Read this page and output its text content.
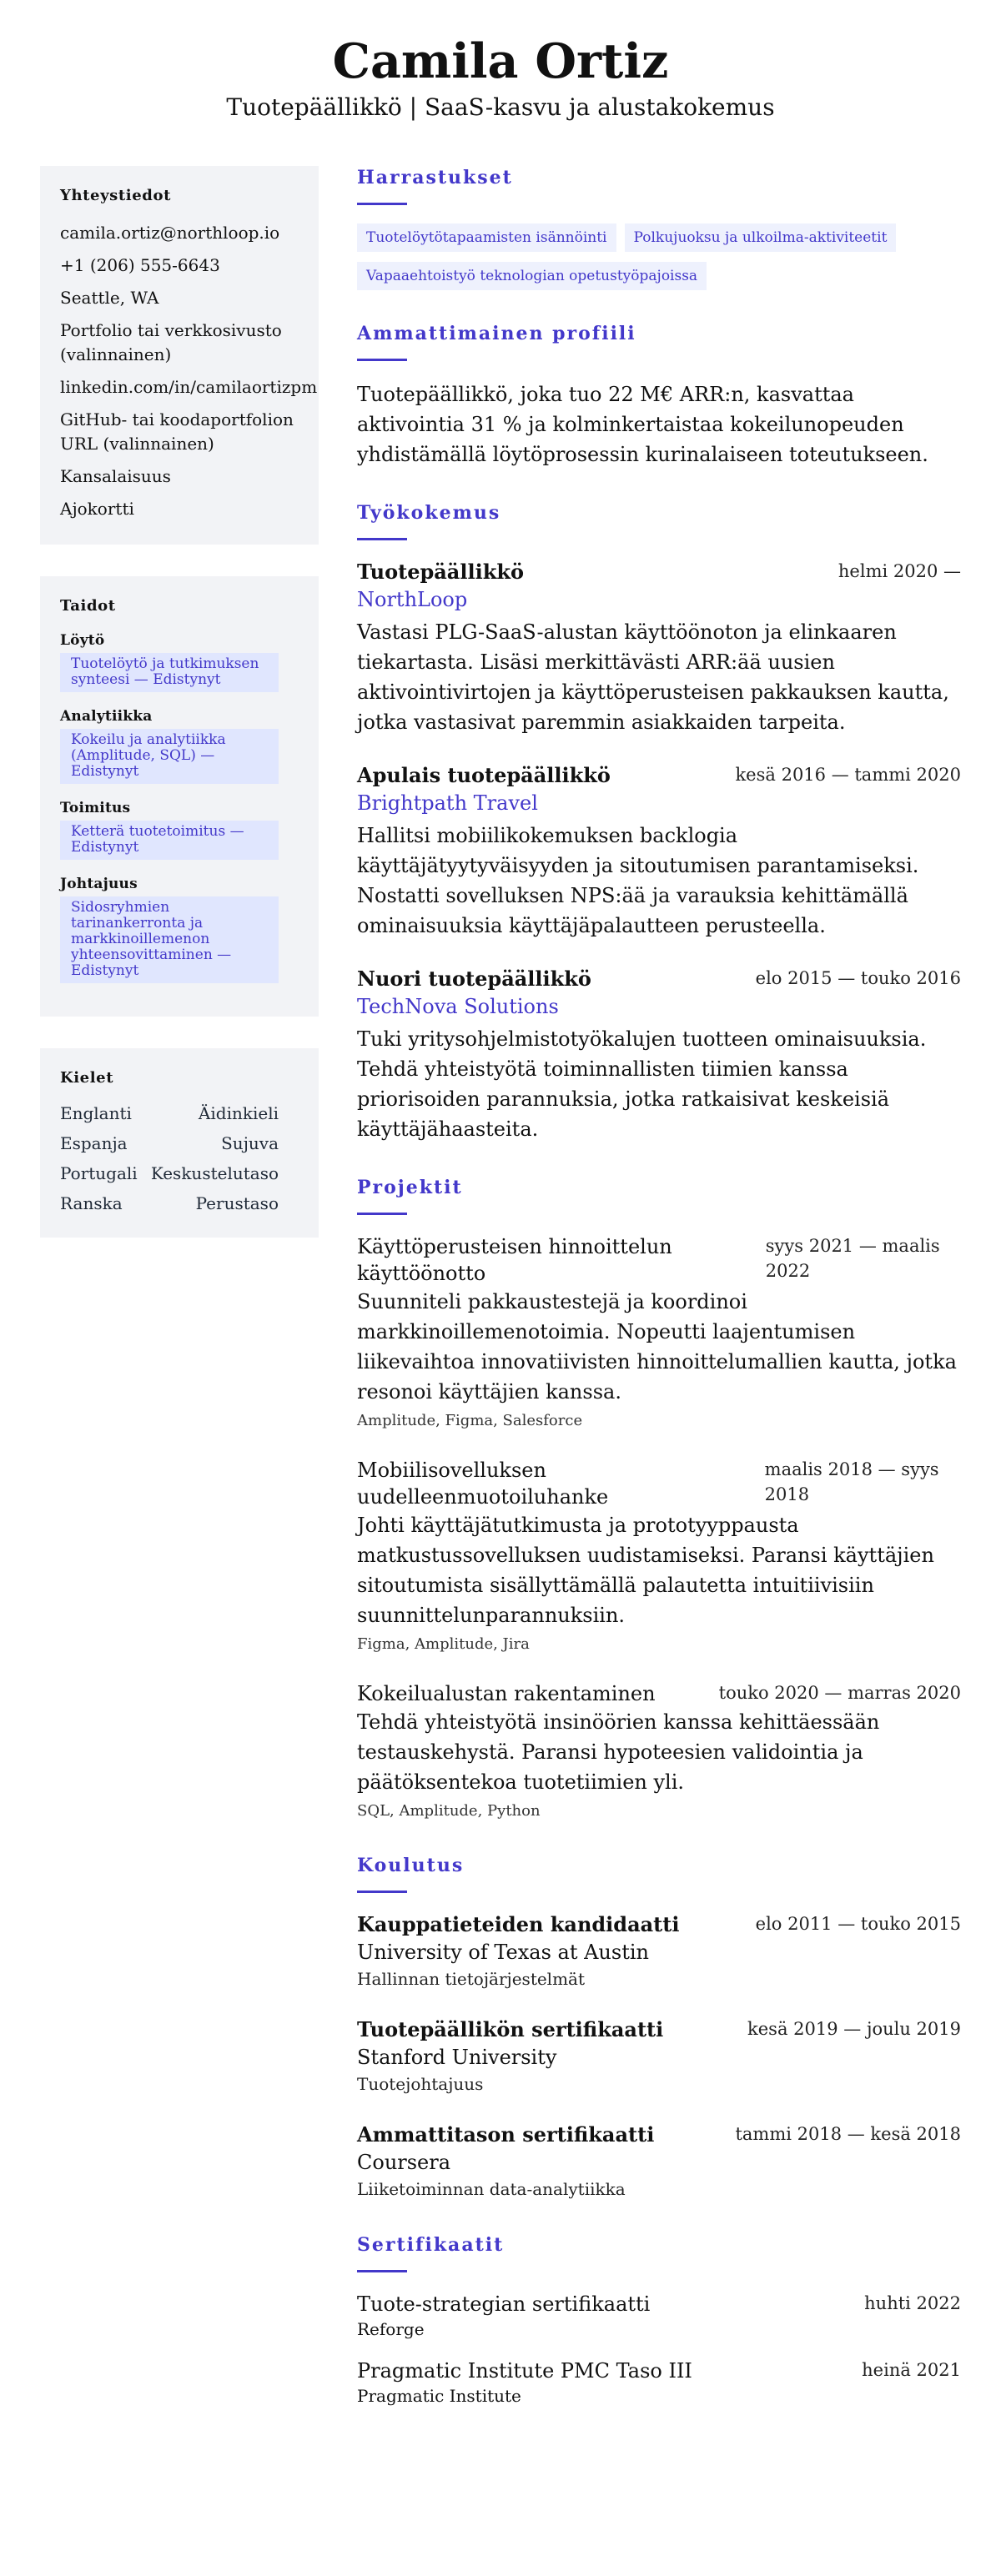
Camila Ortiz
Tuotepäällikkö | SaaS-kasvu ja alustakokemus
Yhteystiedot
camila.ortiz@northloop.io
+1 (206) 555-6643
Seattle, WA
Portfolio tai verkkosivusto (valinnainen)
linkedin.com/in/camilaortizpm
GitHub- tai koodaportfolion URL (valinnainen)
Kansalaisuus
Ajokortti
Taidot
Löytö
Tuotelöytö ja tutkimuksen synteesi — Edistynyt
Analytiikka
Kokeilu ja analytiikka (Amplitude, SQL) — Edistynyt
Toimitus
Ketterä tuotetoimitus — Edistynyt
Johtajuus
Sidosryhmien tarinankerronta ja markkinoillemenon yhteensovittaminen — Edistynyt
Kielet
Englanti	Äidinkieli
Espanja	Sujuva
Portugali Keskustelutaso
Ranska	Perustaso
Harrastukset
Tuotelöytötapaamisten isännöinti	Polkujuoksu ja ulkoilma-aktiviteetit
Vapaaehtoistyö teknologian opetustyöpajoissa
Ammattimainen profiili

Tuotepäällikkö, joka tuo 22 M€ ARR:n, kasvattaa aktivointia 31 % ja kolminkertaistaa kokeilunopeuden yhdistämällä löytöprosessin kurinalaiseen toteutukseen.

Työkokemus
Tuotepäällikkö	helmi 2020 —
NorthLoop

Vastasi PLG-SaaS-alustan käyttöönoton ja elinkaaren tiekartasta. Lisäsi merkittävästi ARR:ää uusien aktivointivirtojen ja käyttöperusteisen pakkauksen kautta, jotka vastasivat paremmin asiakkaiden tarpeita.

Apulais tuotepäällikkö	kesä 2016 — tammi 2020
Brightpath Travel

Hallitsi mobiilikokemuksen backlogia käyttäjätyytyväisyyden ja sitoutumisen parantamiseksi. Nostatti sovelluksen NPS:ää ja varauksia kehittämällä ominaisuuksia käyttäjäpalautteen perusteella.

Nuori tuotepäällikkö	elo 2015 — touko 2016
TechNova Solutions

Tuki yritysohjelmistotyökalujen tuotteen ominaisuuksia. Tehdä yhteistyötä toiminnallisten tiimien kanssa priorisoiden parannuksia, jotka ratkaisivat keskeisiä käyttäjähaasteita.

Projektit
Käyttöperusteisen hinnoittelun käyttöönotto
syys 2021 — maalis 2022

Suunniteli pakkaustestejä ja koordinoi markkinoillemenotoimia. Nopeutti laajentumisen liikevaihtoa innovatiivisten hinnoittelumallien kautta, jotka resonoi käyttäjien kanssa.

Amplitude, Figma, Salesforce
Mobiilisovelluksen uudelleenmuotoiluhanke
maalis 2018 — syys 2018

Johti käyttäjätutkimusta ja prototyyppausta matkustussovelluksen uudistamiseksi. Paransi käyttäjien sitoutumista sisällyttämällä palautetta intuitiivisiin suunnittelunparannuksiin.

Figma, Amplitude, Jira
Kokeilualustan rakentaminen	touko 2020 — marras 2020

Tehdä yhteistyötä insinöörien kanssa kehittäessään testauskehystä. Paransi hypoteesien validointia ja päätöksentekoa tuotetiimien yli.

SQL, Amplitude, Python
Koulutus
Kauppatieteiden kandidaatti	elo 2011 — touko 2015
University of Texas at Austin
Hallinnan tietojärjestelmät
Tuotepäällikön sertifikaatti	kesä 2019 — joulu 2019
Stanford University
Tuotejohtajuus
Ammattitason sertifikaatti	tammi 2018 — kesä 2018
Coursera
Liiketoiminnan data-analytiikka
Sertifikaatit
Tuote-strategian sertifikaatti	huhti 2022
Reforge
Pragmatic Institute PMC Taso III	heinä 2021
Pragmatic Institute
